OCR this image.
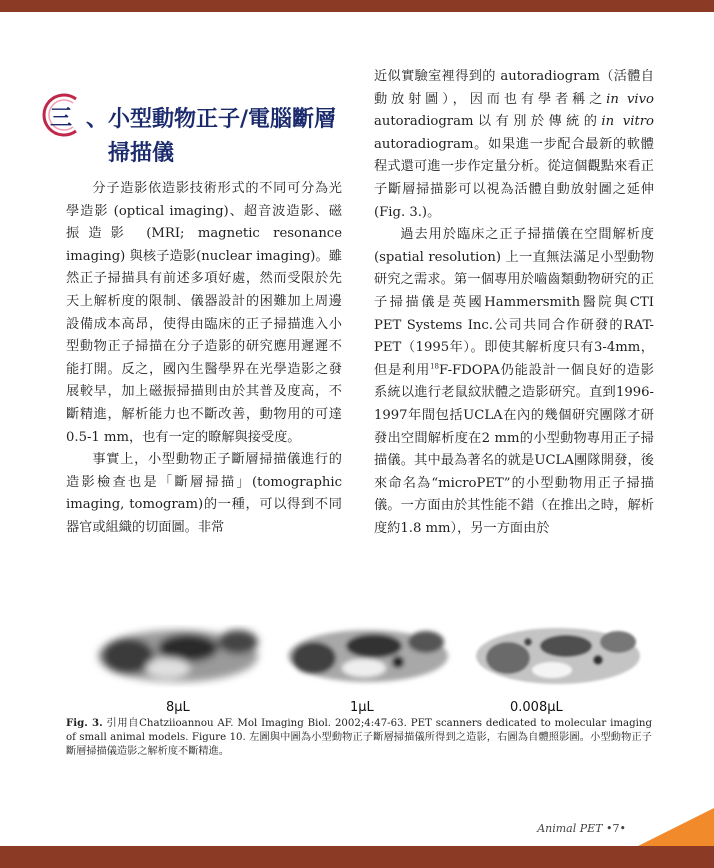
三 、小型動物正子/電腦斷層
掃描儀

分子造影依造影技術形式的不同可分為光學造影 (optical imaging)、超音波造影、磁振造影 (MRI; magnetic resonance imaging) 與核子造影(nuclear imaging)。雖然正子掃描具有前述多項好處，然而受限於先天上解析度的限制、儀器設計的困難加上周邊設備成本高昂，使得由臨床的正子掃描進入小型動物正子掃描在分子造影的研究應用遲遲不能打開。反之，國內生醫學界在光學造影之發展較早，加上磁振掃描則由於其普及度高，不斷精進，解析能力也不斷改善，動物用的可達0.5-1 mm，也有一定的瞭解與接受度。

事實上，小型動物正子斷層掃描儀進行的造影檢查也是「斷層掃描」(tomographic imaging, tomogram)的一種，可以得到不同器官或組織的切面圖。非常

近似實驗室裡得到的 autoradiogram（活體自動放射圖），因而也有學者稱之in vivo autoradiogram以有別於傳統的in vitro autoradiogram。如果進一步配合最新的軟體程式還可進一步作定量分析。從這個觀點來看正子斷層掃描影可以視為活體自動放射圖之延伸 (Fig. 3.)。

過去用於臨床之正子掃描儀在空間解析度 (spatial resolution) 上一直無法滿足小型動物研究之需求。第一個專用於嚙齒類動物研究的正子掃描儀是英國Hammersmith醫院與CTI PET Systems Inc.公司共同合作研發的RAT-PET（1995年）。即使其解析度只有3-4mm，但是利用$^{18}$F-FDOPA仍能設計一個良好的造影系統以進行老鼠紋狀體之造影研究。直到1996-1997年間包括UCLA在內的幾個研究團隊才研發出空間解析度在2 mm的小型動物專用正子掃描儀。其中最為著名的就是UCLA團隊開發，後來命名為“microPET”的小型動物用正子掃描儀。一方面由於其性能不錯（在推出之時，解析度約1.8 mm），另一方面由於

8μL	1μL	0.008μL
Fig. 3. 引用自Chatziioannou AF. Mol Imaging Biol. 2002;4:47-63. PET scanners dedicated to molecular imaging of small animal models. Figure 10. 左圖與中圖為小型動物正子斷層掃描儀所得到之造影，右圖為自體照影圖。小型動物正子斷層掃描儀造影之解析度不斷精進。
Animal PET •7•
